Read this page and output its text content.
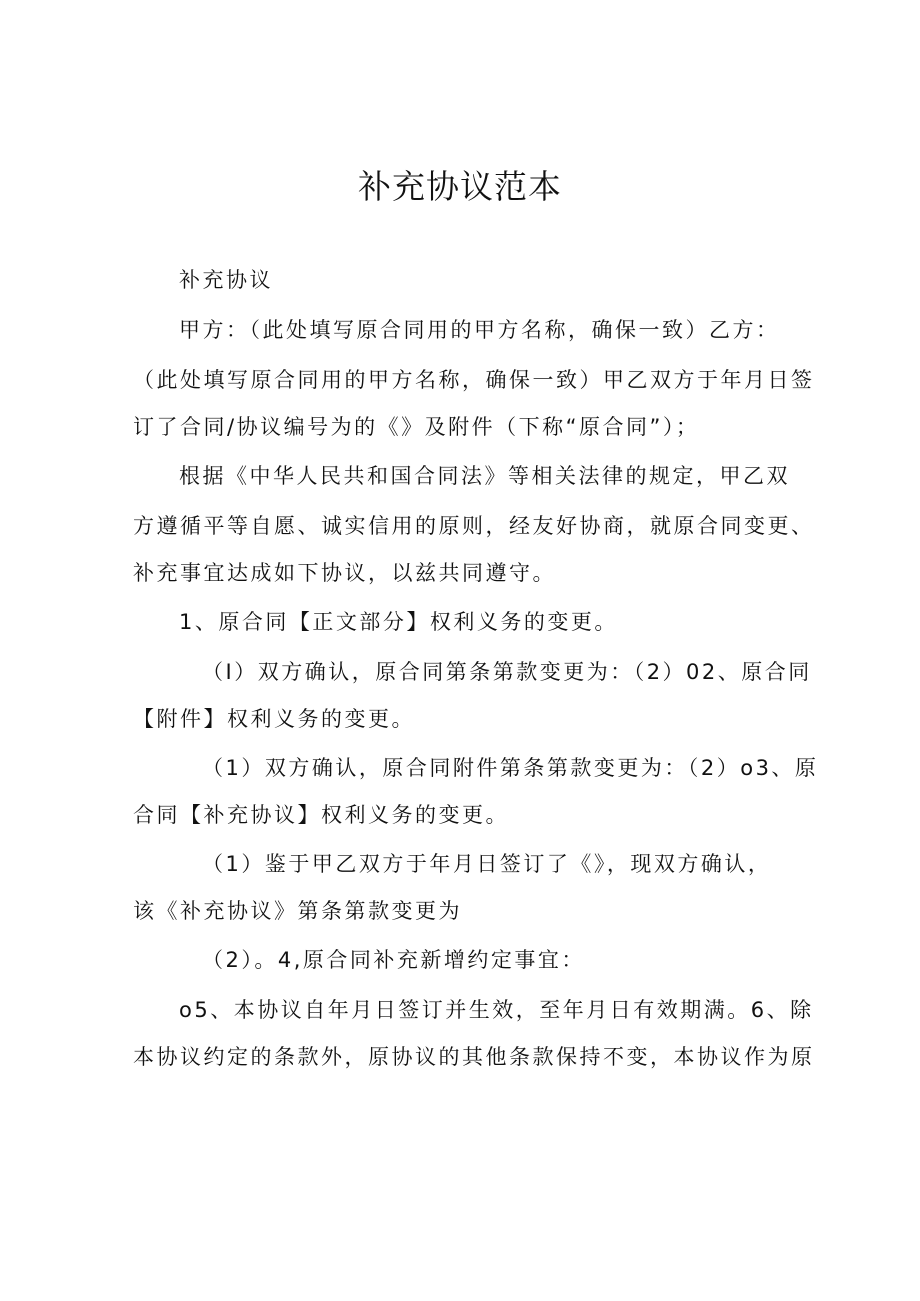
补充协议范本
补充协议
甲方：（此处填写原合同用的甲方名称，确保一致）乙方：
（此处填写原合同用的甲方名称，确保一致）甲乙双方于年月日签
订了合同/协议编号为的《》及附件（下称“原合同”）；
根据《中华人民共和国合同法》等相关法律的规定，甲乙双
方遵循平等自愿、诚实信用的原则，经友好协商，就原合同变更、
补充事宜达成如下协议，以兹共同遵守。
1、原合同【正文部分】权利义务的变更。
（I）双方确认，原合同第条第款变更为：（2）02、原合同
【附件】权利义务的变更。
（1）双方确认，原合同附件第条第款变更为：（2）o3、原
合同【补充协议】权利义务的变更。
（1）鉴于甲乙双方于年月日签订了《》，现双方确认，
该《补充协议》第条第款变更为
（2）。4,原合同补充新增约定事宜：
o5、本协议自年月日签订并生效，至年月日有效期满。6、除
本协议约定的条款外，原协议的其他条款保持不变，本协议作为原
